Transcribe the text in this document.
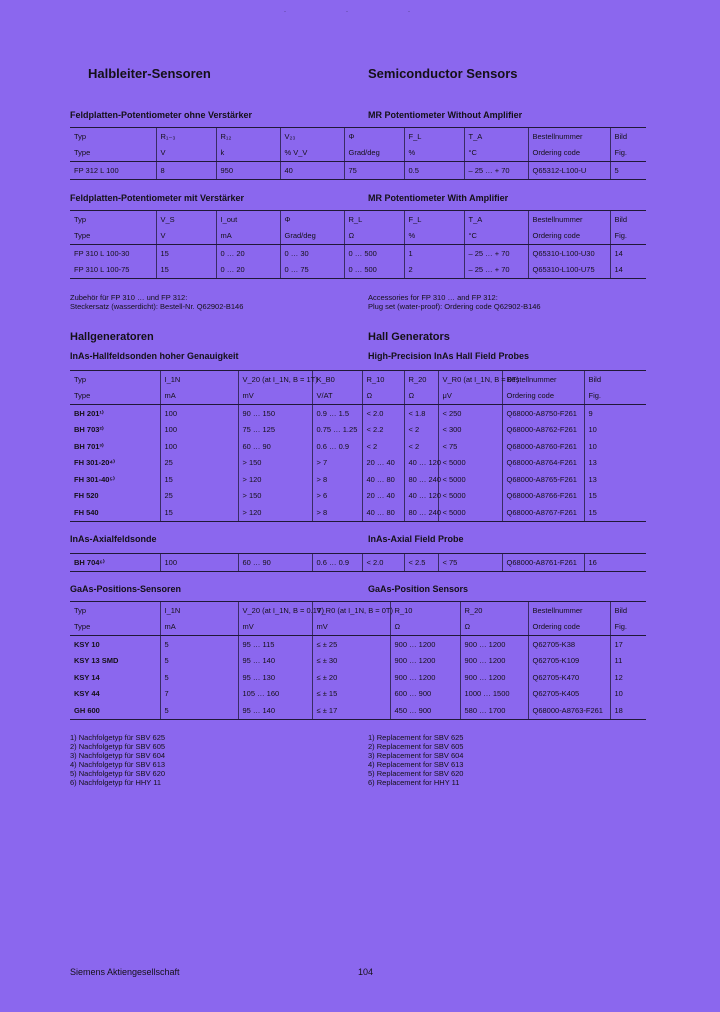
·	·	·
Halbleiter-Sensoren	Semiconductor Sensors
Feldplatten-Potentiometer ohne Verstärker	MR Potentiometer Without Amplifier
Typ	R₁₋₃	R₁₂	V₂₃	Φ	F_L	T_A	Bestellnummer	Bild
Type	V	k	% V_V	Grad/deg	%	°C	Ordering code	Fig.
FP 312 L 100	8	950	40	75	0.5	– 25 … + 70	Q65312-L100-U	5
Feldplatten-Potentiometer mit Verstärker	MR Potentiometer With Amplifier
Typ	V_S	I_out	Φ	R_L	F_L	T_A	Bestellnummer	Bild
Type	V	mA	Grad/deg	Ω	%	°C	Ordering code	Fig.
FP 310 L 100-30	15	0 … 20	0 … 30	0 … 500	1	– 25 … + 70	Q65310-L100-U30	14
FP 310 L 100-75	15	0 … 20	0 … 75	0 … 500	2	– 25 … + 70	Q65310-L100-U75	14
Zubehör für FP 310 … und FP 312:
Steckersatz (wasserdicht): Bestell-Nr. Q62902-B146
Accessories for FP 310 … and FP 312:
Plug set (water-proof): Ordering code Q62902-B146
Hallgeneratoren	Hall Generators
InAs-Hallfeldsonden hoher Genauigkeit	High-Precision InAs Hall Field Probes
Typ	I_1N	V_20 (at I_1N, B = 1T)	K_B0	R_10	R_20	V_R0 (at I_1N, B = 0T)	Bestellnummer	Bild
Type	mA	mV	V/AT	Ω	Ω	μV	Ordering code	Fig.
BH 201¹⁾	100	90 … 150	0.9 … 1.5	< 2.0	< 1.8	< 250	Q68000-A8750-F261	9
BH 703²⁾	100	75 … 125	0.75 … 1.25	< 2.2	< 2	< 300	Q68000-A8762-F261	10
BH 701³⁾	100	60 … 90	0.6 … 0.9	< 2	< 2	< 75	Q68000-A8760-F261	10
FH 301-20⁴⁾	25	> 150	> 7	20 … 40	40 … 120	< 5000	Q68000-A8764-F261	13
FH 301-40⁵⁾	15	> 120	> 8	40 … 80	80 … 240	< 5000	Q68000-A8765-F261	13
FH 520	25	> 150	> 6	20 … 40	40 … 120	< 5000	Q68000-A8766-F261	15
FH 540	15	> 120	> 8	40 … 80	80 … 240	< 5000	Q68000-A8767-F261	15
InAs-Axialfeldsonde	InAs-Axial Field Probe
BH 704⁶⁾	100	60 … 90	0.6 … 0.9	< 2.0	< 2.5	< 75	Q68000-A8761-F261	16
GaAs-Positions-Sensoren	GaAs-Position Sensors
Typ	I_1N	V_20 (at I_1N, B = 0.1T)	V_R0 (at I_1N, B = 0T)	R_10	R_20	Bestellnummer	Bild
Type	mA	mV	mV	Ω	Ω	Ordering code	Fig.
KSY 10	5	95 … 115	≤ ± 25	900 … 1200	900 … 1200	Q62705-K38	17
KSY 13 SMD	5	95 … 140	≤ ± 30	900 … 1200	900 … 1200	Q62705-K109	11
KSY 14	5	95 … 130	≤ ± 20	900 … 1200	900 … 1200	Q62705-K470	12
KSY 44	7	105 … 160	≤ ± 15	600 … 900	1000 … 1500	Q62705-K405	10
GH 600	5	95 … 140	≤ ± 17	450 … 900	580 … 1700	Q68000-A8763-F261	18
1) Nachfolgetyp für SBV 625
2) Nachfolgetyp für SBV 605
3) Nachfolgetyp für SBV 604
4) Nachfolgetyp für SBV 613
5) Nachfolgetyp für SBV 620
6) Nachfolgetyp für HHY 11
1) Replacement for SBV 625
2) Replacement for SBV 605
3) Replacement for SBV 604
4) Replacement for SBV 613
5) Replacement for SBV 620
6) Replacement for HHY 11
Siemens Aktiengesellschaft	104
